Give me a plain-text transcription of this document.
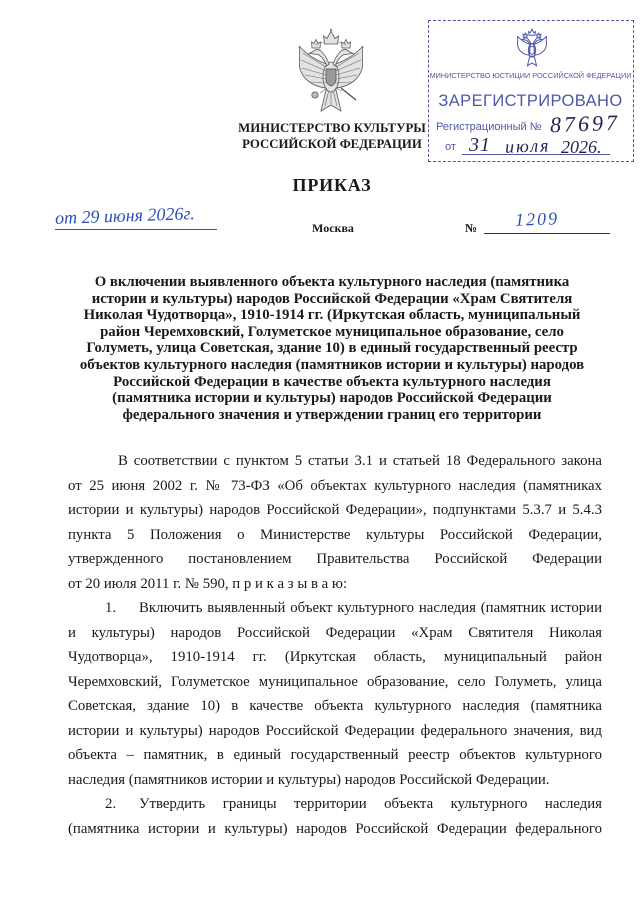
МИНИСТЕРСТВО КУЛЬТУРЫ
РОССИЙСКОЙ ФЕДЕРАЦИИ
МИНИСТЕРСТВО ЮСТИЦИИ РОССИЙСКОЙ ФЕДЕРАЦИИ
ЗАРЕГИСТРИРОВАНО
Регистрационный № 87697
от 31 июля 2026.
ПРИКАЗ
от 29 июня 2026г.
Москва	№ 1209
О включении выявленного объекта культурного наследия (памятника
истории и культуры) народов Российской Федерации «Храм Святителя
Николая Чудотворца», 1910-1914 гг. (Иркутская область, муниципальный
район Черемховский, Голуметское муниципальное образование, село
Голуметь, улица Советская, здание 10) в единый государственный реестр
объектов культурного наследия (памятников истории и культуры) народов
Российской Федерации в качестве объекта культурного наследия
(памятника истории и культуры) народов Российской Федерации
федерального значения и утверждении границ его территории
В соответствии с пунктом 5 статьи 3.1 и статьей 18 Федерального закона
от 25 июня 2002 г. № 73-ФЗ «Об объектах культурного наследия (памятниках
истории и культуры) народов Российской Федерации», подпунктами 5.3.7 и 5.4.3
пункта 5 Положения о Министерстве культуры Российской Федерации,
утвержденного постановлением Правительства Российской Федерации
от 20 июля 2011 г. № 590, п р и к а з ы в а ю:
1. Включить выявленный объект культурного наследия (памятник истории
и культуры) народов Российской Федерации «Храм Святителя Николая
Чудотворца», 1910-1914 гг. (Иркутская область, муниципальный район
Черемховский, Голуметское муниципальное образование, село Голуметь, улица
Советская, здание 10) в качестве объекта культурного наследия (памятника
истории и культуры) народов Российской Федерации федерального значения, вид
объекта – памятник, в единый государственный реестр объектов культурного
наследия (памятников истории и культуры) народов Российской Федерации.
2. Утвердить границы территории объекта культурного наследия
(памятника истории и культуры) народов Российской Федерации федерального
